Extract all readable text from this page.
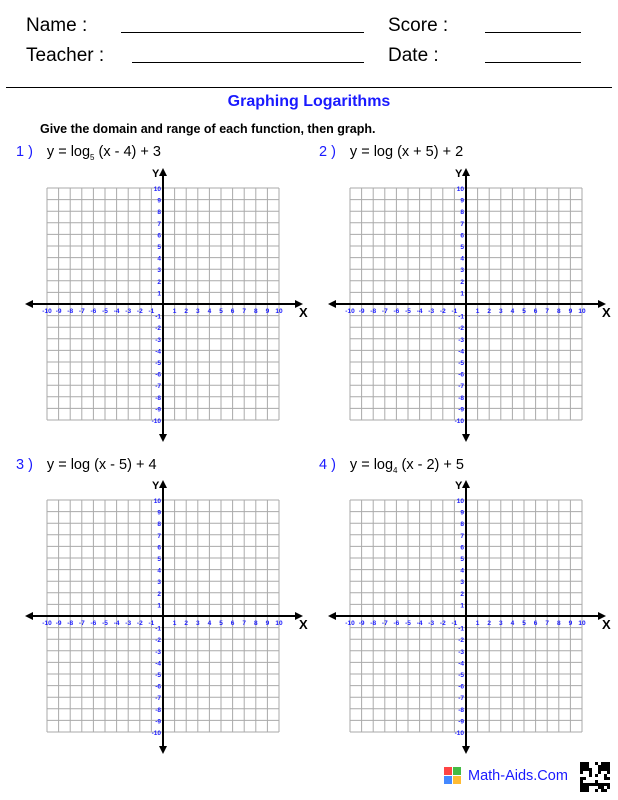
Name :
Teacher :
Score :
Date :
Graphing Logarithms
Give the domain and range of each function, then graph.
1 ) $y = \log_5 (x - 4) + 3$	2 ) y = log (x + 5) + 2
3 ) y = log (x - 5) + 4	4 ) $y = \log_4 (x - 2) + 5$
X
Y
-10
-10
-9
-9
-8
-8
-7
-7
-6
-6
-5
-5
-4
-4
-3
-3
-2
-2
-1
-1
1
1
2
2
3
3
4
4
5
5
6
6
7
7
8
8
9
9
10
10
X
Y
-10
-10
-9
-9
-8
-8
-7
-7
-6
-6
-5
-5
-4
-4
-3
-3
-2
-2
-1
-1
1
1
2
2
3
3
4
4
5
5
6
6
7
7
8
8
9
9
10
10
X
Y
-10
-10
-9
-9
-8
-8
-7
-7
-6
-6
-5
-5
-4
-4
-3
-3
-2
-2
-1
-1
1
1
2
2
3
3
4
4
5
5
6
6
7
7
8
8
9
9
10
10
X
Y
-10
-10
-9
-9
-8
-8
-7
-7
-6
-6
-5
-5
-4
-4
-3
-3
-2
-2
-1
-1
1
1
2
2
3
3
4
4
5
5
6
6
7
7
8
8
9
9
10
10
Math-Aids.Com
